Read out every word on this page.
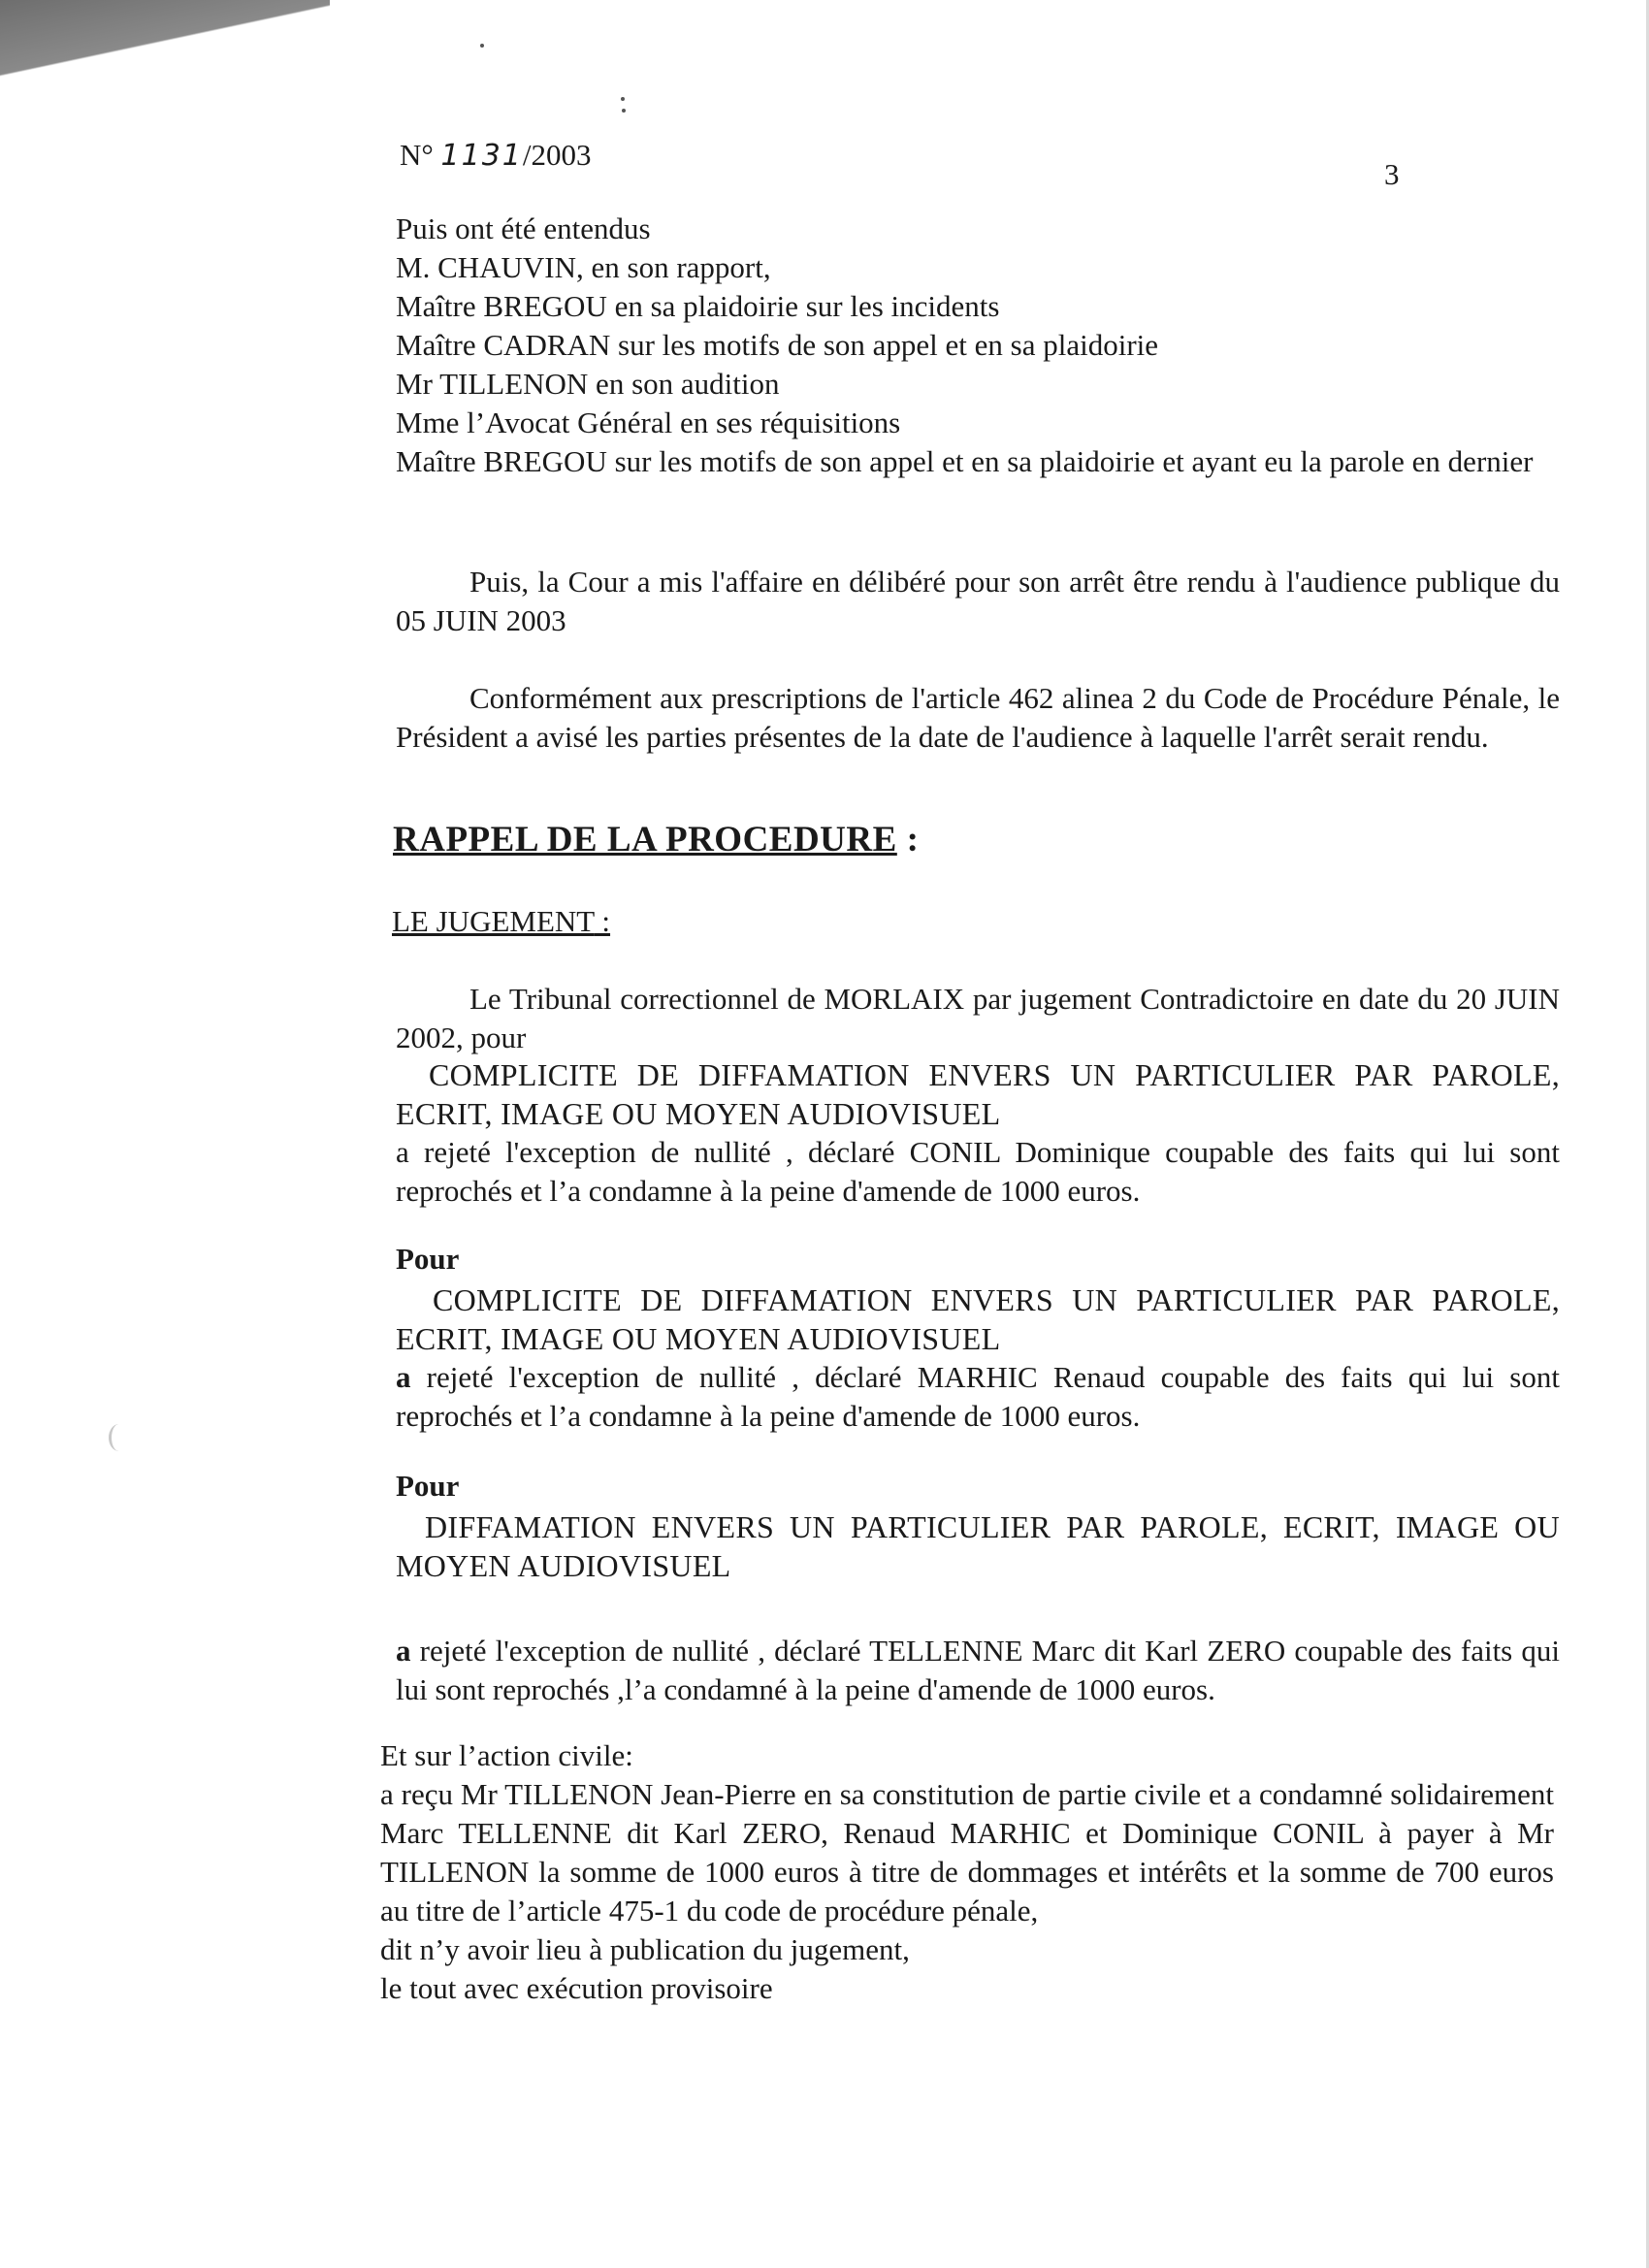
N° 1131/2003
3
Puis ont été entendus
M. CHAUVIN, en son rapport,
Maître BREGOU en sa plaidoirie sur les incidents
Maître CADRAN sur les motifs de son appel et en sa plaidoirie
Mr TILLENON en son audition
Mme l’Avocat Général en ses réquisitions
Maître BREGOU sur les motifs de son appel et en sa plaidoirie et ayant eu la parole en dernier
Puis, la Cour a mis l'affaire en délibéré pour son arrêt être rendu à l'audience publique du 05 JUIN 2003
Conformément aux prescriptions de l'article 462 alinea 2 du Code de Procédure Pénale, le Président a avisé les parties présentes de la date de l'audience à laquelle l'arrêt serait rendu.
RAPPEL DE LA PROCEDURE :
LE JUGEMENT :
Le Tribunal correctionnel de MORLAIX par jugement Contradictoire en date du 20 JUIN 2002, pour
COMPLICITE DE DIFFAMATION ENVERS UN PARTICULIER PAR PAROLE, ECRIT, IMAGE OU MOYEN AUDIOVISUEL
a rejeté l'exception de nullité , déclaré CONIL Dominique coupable des faits qui lui sont reprochés et l’a condamne à la peine d'amende de 1000 euros.
Pour
COMPLICITE DE DIFFAMATION ENVERS UN PARTICULIER PAR PAROLE, ECRIT, IMAGE OU MOYEN AUDIOVISUEL
a rejeté l'exception de nullité , déclaré MARHIC Renaud coupable des faits qui lui sont reprochés et l’a condamne à la peine d'amende de 1000 euros.
Pour
DIFFAMATION ENVERS UN PARTICULIER PAR PAROLE, ECRIT, IMAGE OU MOYEN AUDIOVISUEL
a rejeté l'exception de nullité , déclaré TELLENNE Marc dit Karl ZERO coupable des faits qui lui sont reprochés ,l’a condamné à la peine d'amende de 1000 euros.
Et sur l’action civile:
a reçu Mr TILLENON Jean-Pierre en sa constitution de partie civile et a condamné solidairement Marc TELLENNE dit Karl ZERO, Renaud MARHIC et Dominique CONIL à payer à Mr TILLENON la somme de 1000 euros à titre de dommages et intérêts et la somme de 700 euros au titre de l’article 475-1 du code de procédure pénale,
dit n’y avoir lieu à publication du jugement,
le tout avec exécution provisoire
